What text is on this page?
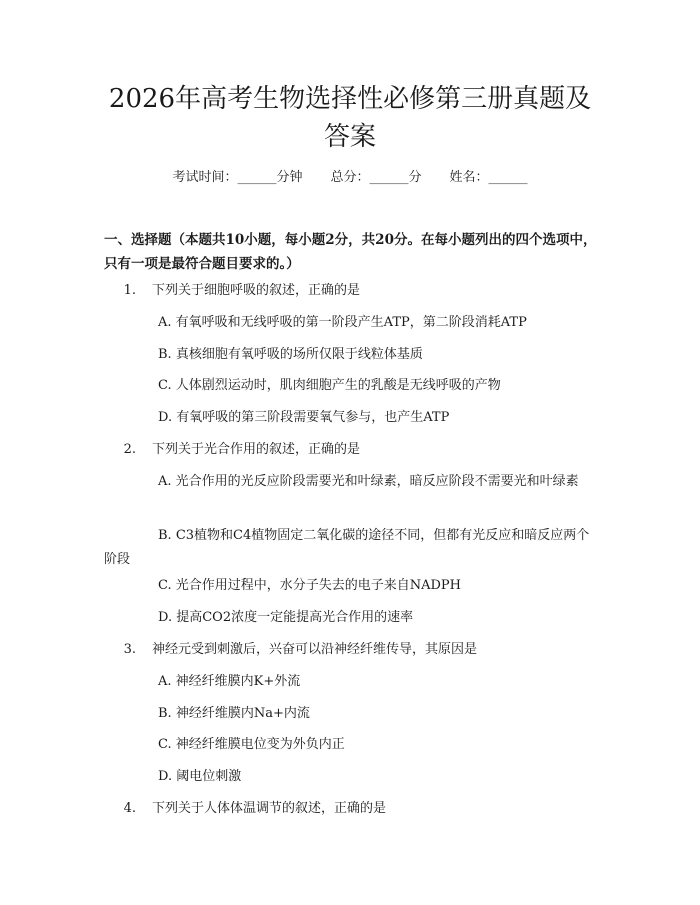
2026年高考生物选择性必修第三册真题及答案
考试时间：______分钟 总分：______分 姓名：______

一、选择题（本题共10小题，每小题2分，共20分。在每小题列出的四个选项中，只有一项是最符合题目要求的。）

1. 下列关于细胞呼吸的叙述，正确的是
A. 有氧呼吸和无线呼吸的第一阶段产生ATP，第二阶段消耗ATP
B. 真核细胞有氧呼吸的场所仅限于线粒体基质
C. 人体剧烈运动时，肌肉细胞产生的乳酸是无线呼吸的产物
D. 有氧呼吸的第三阶段需要氧气参与，也产生ATP
2. 下列关于光合作用的叙述，正确的是
A. 光合作用的光反应阶段需要光和叶绿素，暗反应阶段不需要光和叶绿素
B. C3植物和C4植物固定二氧化碳的途径不同，但都有光反应和暗反应两个阶段
C. 光合作用过程中，水分子失去的电子来自NADPH
D. 提高CO2浓度一定能提高光合作用的速率
3. 神经元受到刺激后，兴奋可以沿神经纤维传导，其原因是
A. 神经纤维膜内K+外流
B. 神经纤维膜内Na+内流
C. 神经纤维膜电位变为外负内正
D. 阈电位刺激
4. 下列关于人体体温调节的叙述，正确的是
